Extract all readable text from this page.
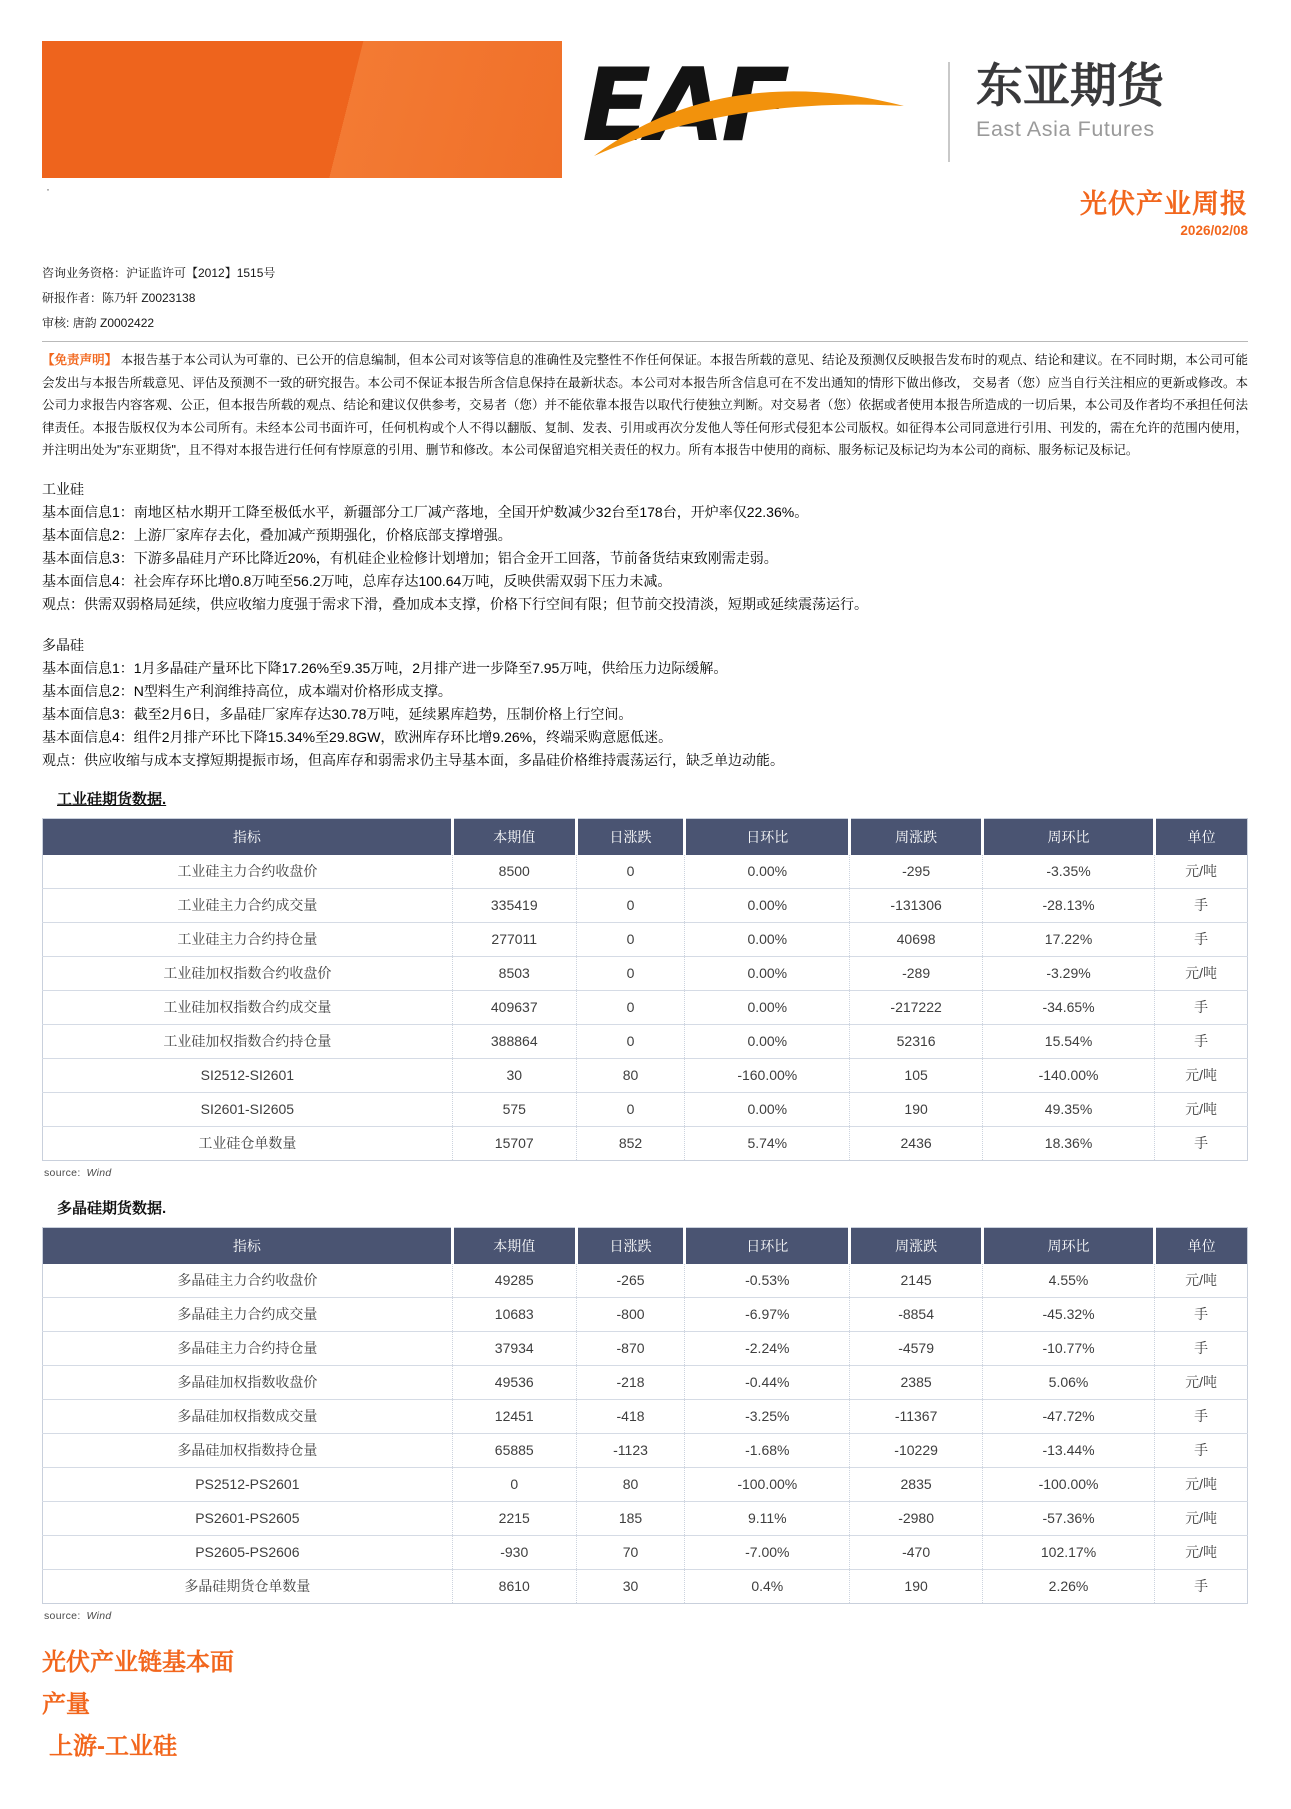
EAF	东亚期货
East Asia Futures
·	光伏产业周报
2026/02/08
咨询业务资格：沪证监许可【2012】1515号
研报作者：陈乃轩 Z0023138
审核: 唐韵 Z0002422
【免责声明】 本报告基于本公司认为可靠的、已公开的信息编制，但本公司对该等信息的准确性及完整性不作任何保证。本报告所载的意见、结论及预测仅反映报告发布时的观点、结论和建议。在不同时期，本公司可能会发出与本报告所载意见、评估及预测不一致的研究报告。本公司不保证本报告所含信息保持在最新状态。本公司对本报告所含信息可在不发出通知的情形下做出修改， 交易者（您）应当自行关注相应的更新或修改。本公司力求报告内容客观、公正，但本报告所载的观点、结论和建议仅供参考，交易者（您）并不能依靠本报告以取代行使独立判断。对交易者（您）依据或者使用本报告所造成的一切后果，本公司及作者均不承担任何法律责任。本报告版权仅为本公司所有。未经本公司书面许可，任何机构或个人不得以翻版、复制、发表、引用或再次分发他人等任何形式侵犯本公司版权。如征得本公司同意进行引用、刊发的，需在允许的范围内使用，并注明出处为"东亚期货"，且不得对本报告进行任何有悖原意的引用、删节和修改。本公司保留追究相关责任的权力。所有本报告中使用的商标、服务标记及标记均为本公司的商标、服务标记及标记。
工业硅
基本面信息1：南地区枯水期开工降至极低水平，新疆部分工厂减产落地，全国开炉数减少32台至178台，开炉率仅22.36%。
基本面信息2：上游厂家库存去化，叠加减产预期强化，价格底部支撑增强。
基本面信息3：下游多晶硅月产环比降近20%，有机硅企业检修计划增加；铝合金开工回落，节前备货结束致刚需走弱。
基本面信息4：社会库存环比增0.8万吨至56.2万吨，总库存达100.64万吨，反映供需双弱下压力未减。
观点：供需双弱格局延续，供应收缩力度强于需求下滑，叠加成本支撑，价格下行空间有限；但节前交投清淡，短期或延续震荡运行。
多晶硅
基本面信息1：1月多晶硅产量环比下降17.26%至9.35万吨，2月排产进一步降至7.95万吨，供给压力边际缓解。
基本面信息2：N型料生产利润维持高位，成本端对价格形成支撑。
基本面信息3：截至2月6日，多晶硅厂家库存达30.78万吨，延续累库趋势，压制价格上行空间。
基本面信息4：组件2月排产环比下降15.34%至29.8GW，欧洲库存环比增9.26%，终端采购意愿低迷。
观点：供应收缩与成本支撑短期提振市场，但高库存和弱需求仍主导基本面，多晶硅价格维持震荡运行，缺乏单边动能。
工业硅期货数据.
指标	本期值	日涨跌	日环比	周涨跌	周环比	单位
工业硅主力合约收盘价	8500	0	0.00%	-295	-3.35%	元/吨
工业硅主力合约成交量	335419	0	0.00%	-131306	-28.13%	手
工业硅主力合约持仓量	277011	0	0.00%	40698	17.22%	手
工业硅加权指数合约收盘价	8503	0	0.00%	-289	-3.29%	元/吨
工业硅加权指数合约成交量	409637	0	0.00%	-217222	-34.65%	手
工业硅加权指数合约持仓量	388864	0	0.00%	52316	15.54%	手
SI2512-SI2601	30	80	-160.00%	105	-140.00%	元/吨
SI2601-SI2605	575	0	0.00%	190	49.35%	元/吨
工业硅仓单数量	15707	852	5.74%	2436	18.36%	手
source: Wind
多晶硅期货数据.
指标	本期值	日涨跌	日环比	周涨跌	周环比	单位
多晶硅主力合约收盘价	49285	-265	-0.53%	2145	4.55%	元/吨
多晶硅主力合约成交量	10683	-800	-6.97%	-8854	-45.32%	手
多晶硅主力合约持仓量	37934	-870	-2.24%	-4579	-10.77%	手
多晶硅加权指数收盘价	49536	-218	-0.44%	2385	5.06%	元/吨
多晶硅加权指数成交量	12451	-418	-3.25%	-11367	-47.72%	手
多晶硅加权指数持仓量	65885	-1123	-1.68%	-10229	-13.44%	手
PS2512-PS2601	0	80	-100.00%	2835	-100.00%	元/吨
PS2601-PS2605	2215	185	9.11%	-2980	-57.36%	元/吨
PS2605-PS2606	-930	70	-7.00%	-470	102.17%	元/吨
多晶硅期货仓单数量	8610	30	0.4%	190	2.26%	手
source: Wind
光伏产业链基本面
产量
上游-工业硅
